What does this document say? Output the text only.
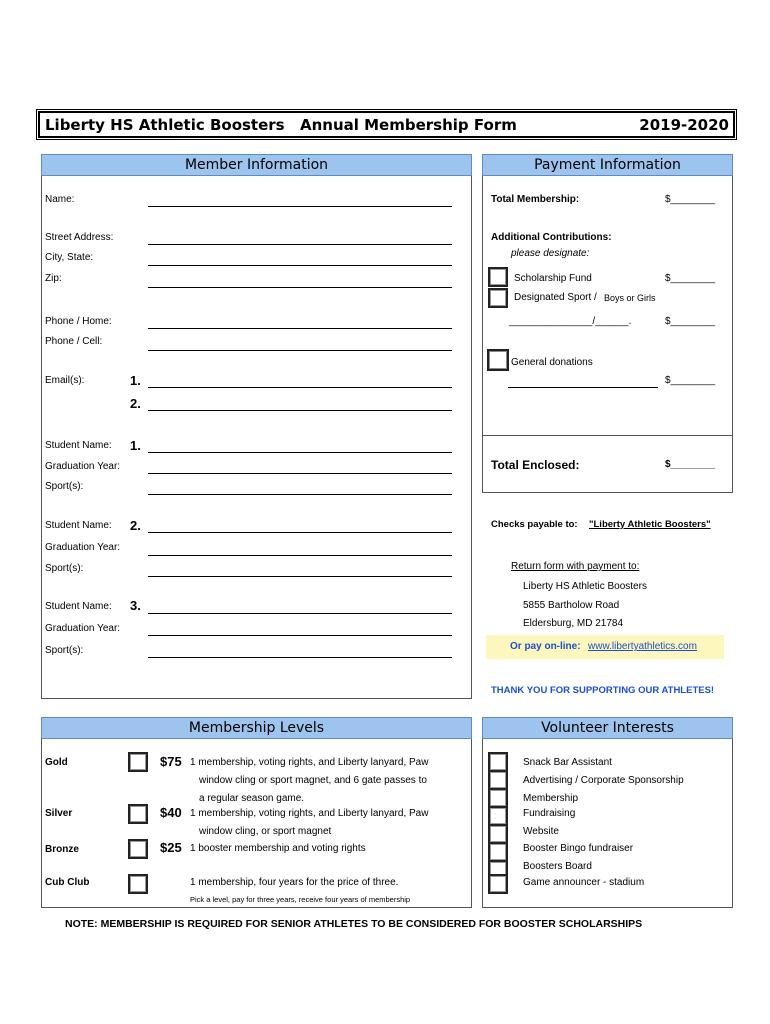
Liberty HS Athletic Boosters Annual Membership Form	2019-2020
Member Information
Name:
Street Address:
City, State:
Zip:
Phone / Home:
Phone / Cell:
Email(s):	1.
2.
Student Name: 1.
Graduation Year:
Sport(s):
Student Name: 2.
Graduation Year:
Sport(s):
Student Name: 3.
Graduation Year:
Sport(s):
Payment Information
Total Membership:	$________
Additional Contributions:
please designate:
Scholarship Fund	$________
Designated Sport / Boys or Girls
_______________/______.	$________
General donations
$________
Total Enclosed:	$________
Checks payable to: "Liberty Athletic Boosters"
Return form with payment to:
Liberty HS Athletic Boosters
5855 Bartholow Road
Eldersburg, MD 21784
Or pay on-line: www.libertyathletics.com
THANK YOU FOR SUPPORTING OUR ATHLETES!
Membership Levels
Gold	$75 1 membership, voting rights, and Liberty lanyard, Paw
window cling or sport magnet, and 6 gate passes to
a regular season game.
Silver	$40 1 membership, voting rights, and Liberty lanyard, Paw
window cling, or sport magnet
Bronze	$25 1 booster membership and voting rights
Cub Club	1 membership, four years for the price of three.
Pick a level, pay for three years, receive four years of membership
Volunteer Interests
Snack Bar Assistant
Advertising / Corporate Sponsorship
Membership
Fundraising
Website
Booster Bingo fundraiser
Boosters Board
Game announcer - stadium
NOTE: MEMBERSHIP IS REQUIRED FOR SENIOR ATHLETES TO BE CONSIDERED FOR BOOSTER SCHOLARSHIPS
